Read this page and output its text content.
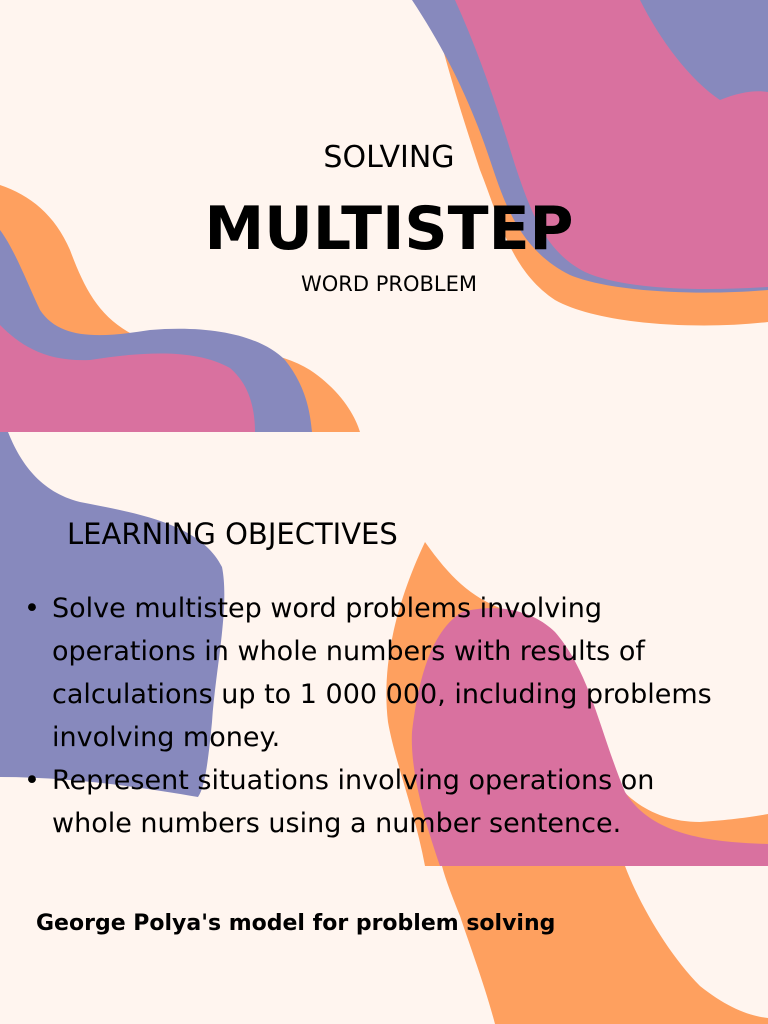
SOLVING
MULTISTEP
WORD PROBLEM
LEARNING OBJECTIVES
• Solve multistep word problems involving operations in whole numbers with results of calculations up to 1 000 000, including problems involving money.
• Represent situations involving operations on whole numbers using a number sentence.
George Polya's model for problem solving
